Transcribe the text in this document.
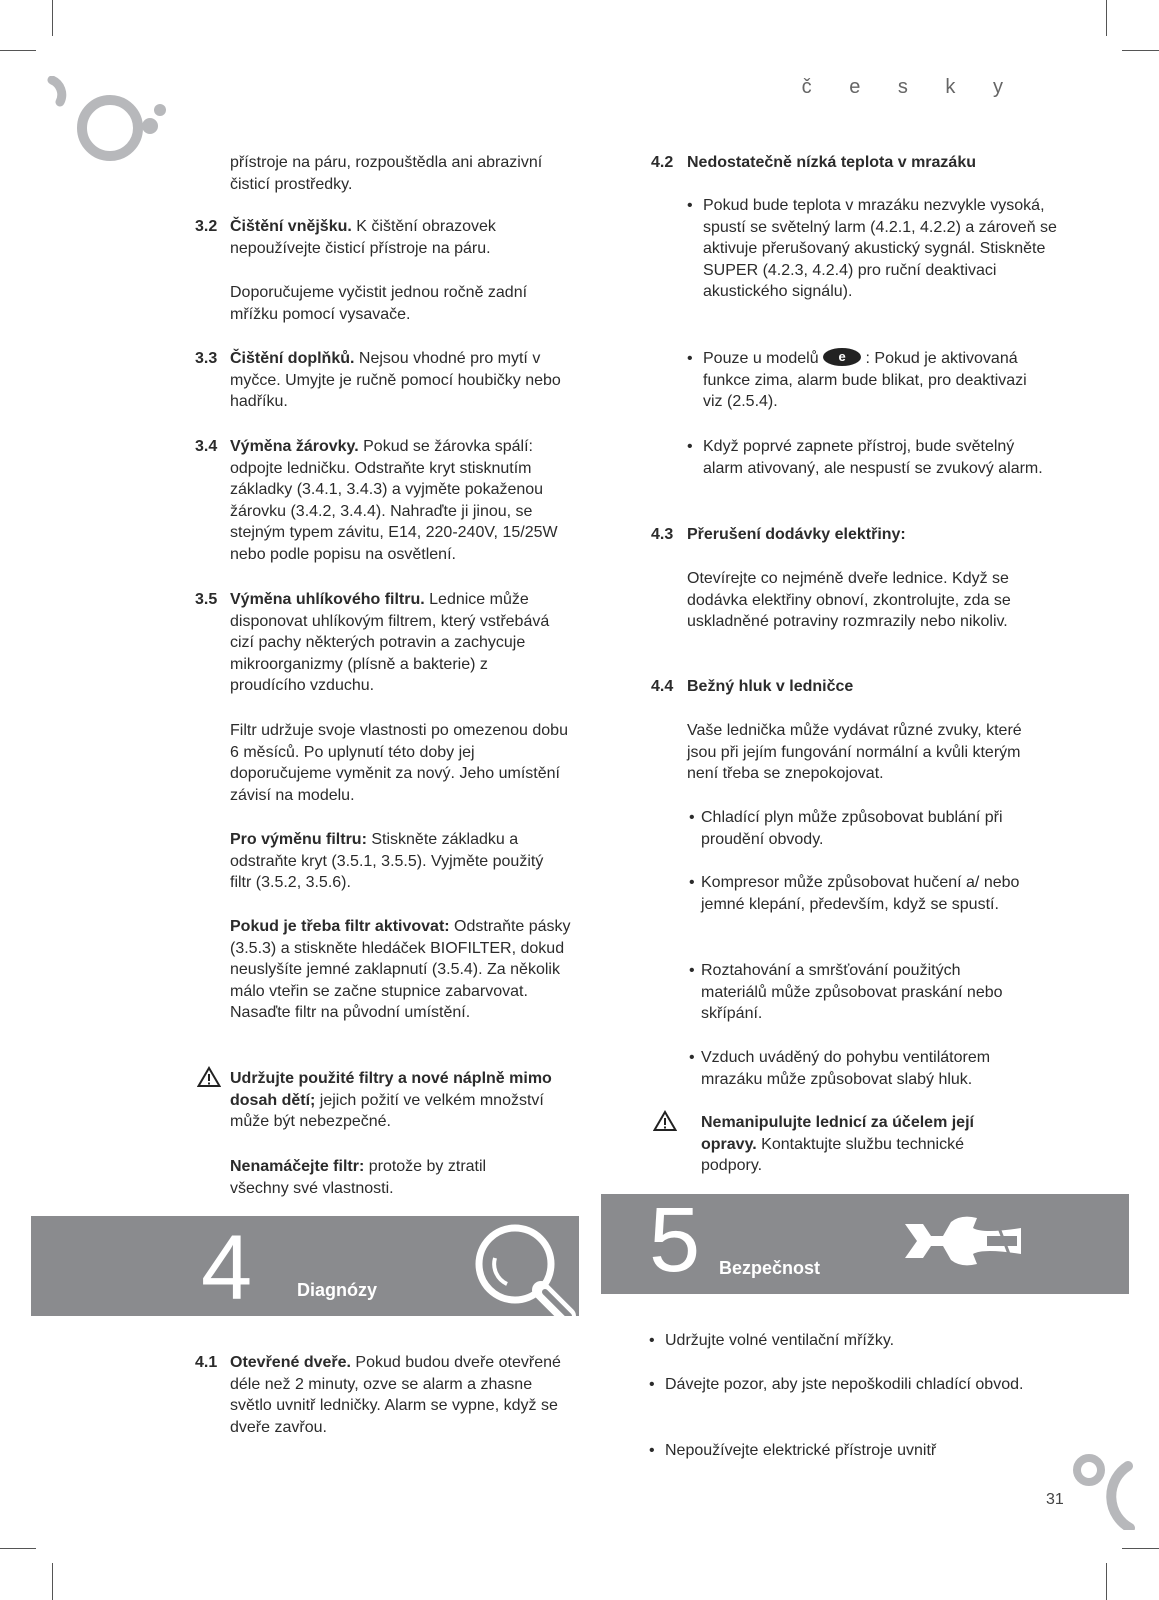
č e s k y

přístroje na páru, rozpouštědla ani abrazivní čisticí prostředky.

3.2 Čištění vnějšku. K čištění obrazovek nepoužívejte čisticí přístroje na páru.

Doporučujeme vyčistit jednou ročně zadní mřížku pomocí vysavače.

3.3 Čištění doplňků. Nejsou vhodné pro mytí v myčce. Umyjte je ručně pomocí houbičky nebo hadříku.

3.4 Výměna žárovky. Pokud se žárovka spálí: odpojte ledničku. Odstraňte kryt stisknutím základky (3.4.1, 3.4.3) a vyjměte pokaženou žárovku (3.4.2, 3.4.4). Nahraďte ji jinou, se stejným typem závitu, E14, 220-240V, 15/25W nebo podle popisu na osvětlení.

3.5 Výměna uhlíkového filtru. Lednice může disponovat uhlíkovým filtrem, který vstřebává cizí pachy některých potravin a zachycuje mikroorganizmy (plísně a bakterie) z proudícího vzduchu.

Filtr udržuje svoje vlastnosti po omezenou dobu 6 měsíců. Po uplynutí této doby jej doporučujeme vyměnit za nový. Jeho umístění závisí na modelu.

Pro výměnu filtru: Stiskněte základku a odstraňte kryt (3.5.1, 3.5.5). Vyjměte použitý filtr (3.5.2, 3.5.6).

Pokud je třeba filtr aktivovat: Odstraňte pásky (3.5.3) a stiskněte hledáček BIOFILTER, dokud neuslyšíte jemné zaklapnutí (3.5.4). Za několik málo vteřin se začne stupnice zabarvovat. Nasaďte filtr na původní umístění.

Udržujte použité filtry a nové náplně mimo dosah dětí; jejich požití ve velkém množství může být nebezpečné.

Nenamáčejte filtr: protože by ztratil všechny své vlastnosti.

4 Diagnózy
4.1 Otevřené dveře. Pokud budou dveře otevřené déle než 2 minuty, ozve se alarm a zhasne světlo uvnitř ledničky. Alarm se vypne, když se dveře zavřou.

4.2 Nedostatečně nízká teplota v mrazáku
• Pokud bude teplota v mrazáku nezvykle vysoká, spustí se světelný larm (4.2.1, 4.2.2) a zároveň se aktivuje přerušovaný akustický sygnál. Stiskněte SUPER (4.2.3, 4.2.4) pro ruční deaktivaci akustického signálu).
• Pouze u modelů e : Pokud je aktivovaná funkce zima, alarm bude blikat, pro deaktivazi viz (2.5.4).
• Když poprvé zapnete přístroj, bude světelný alarm ativovaný, ale nespustí se zvukový alarm.
4.3 Přerušení dodávky elektřiny:

Otevírejte co nejméně dveře lednice. Když se dodávka elektřiny obnoví, zkontrolujte, zda se uskladněné potraviny rozmrazily nebo nikoliv.

4.4 Bežný hluk v ledničce

Vaše lednička může vydávat různé zvuky, které jsou při jejím fungování normální a kvůli kterým není třeba se znepokojovat.

• Chladící plyn může způsobovat bublání při proudění obvody.
• Kompresor může způsobovat hučení a/ nebo jemné klepání, především, když se spustí.
• Roztahování a smršťování použitých materiálů může způsobovat praskání nebo skřípání.
• Vzduch uváděný do pohybu ventilátorem mrazáku může způsobovat slabý hluk.

Nemanipulujte lednicí za účelem její opravy. Kontaktujte službu technické podpory.

5 Bezpečnost
• Udržujte volné ventilační mřížky.
• Dávejte pozor, aby jste nepoškodili chladící obvod.
• Nepoužívejte elektrické přístroje uvnitř
31
